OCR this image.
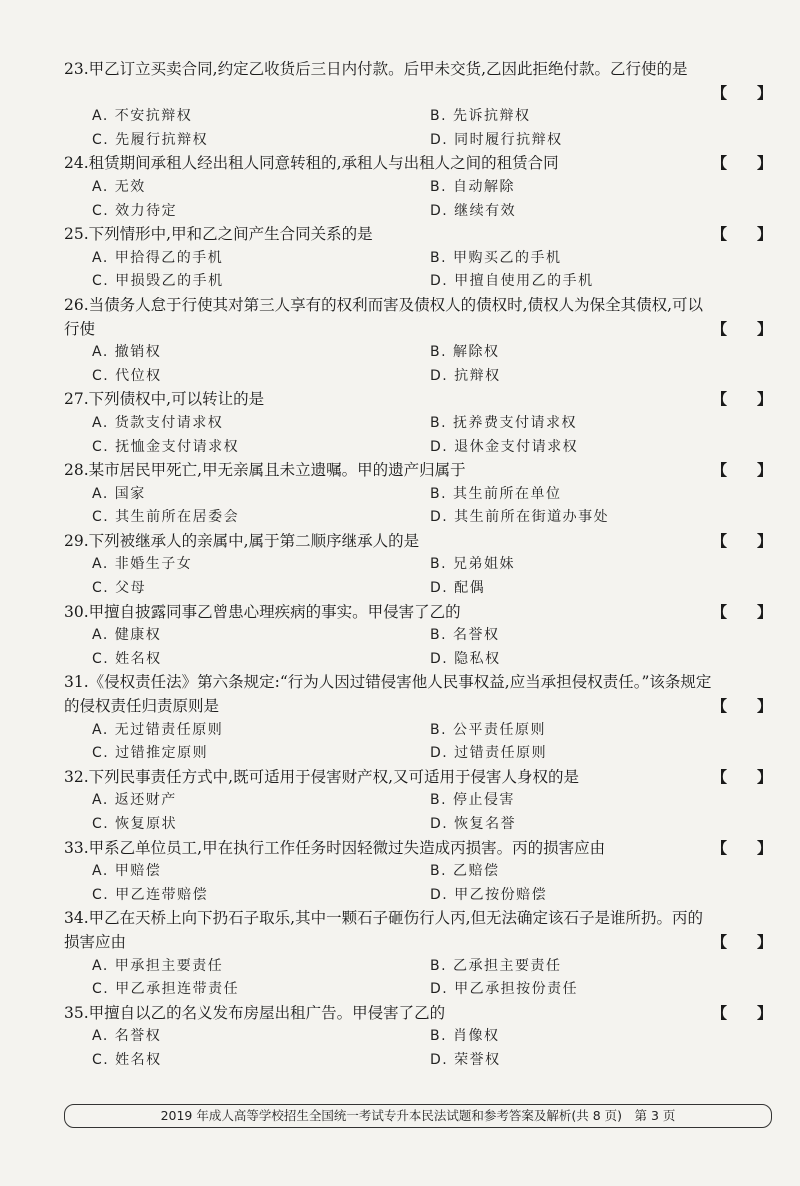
23.甲乙订立买卖合同,约定乙收货后三日内付款。后甲未交货,乙因此拒绝付款。乙行使的是

【　　】
A. 不安抗辩权	B. 先诉抗辩权
C. 先履行抗辩权	D. 同时履行抗辩权

24.租赁期间承租人经出租人同意转租的,承租人与出租人之间的租赁合同	【　　】
A. 无效	B. 自动解除
C. 效力待定	D. 继续有效

25.下列情形中,甲和乙之间产生合同关系的是	【　　】
A. 甲拾得乙的手机	B. 甲购买乙的手机
C. 甲损毁乙的手机	D. 甲擅自使用乙的手机

26.当债务人怠于行使其对第三人享有的权利而害及债权人的债权时,债权人为保全其债权,可以行使	【　　】
A. 撤销权	B. 解除权
C. 代位权	D. 抗辩权

27.下列债权中,可以转让的是	【　　】
A. 货款支付请求权	B. 抚养费支付请求权
C. 抚恤金支付请求权	D. 退休金支付请求权

28.某市居民甲死亡,甲无亲属且未立遗嘱。甲的遗产归属于	【　　】
A. 国家	B. 其生前所在单位
C. 其生前所在居委会	D. 其生前所在街道办事处

29.下列被继承人的亲属中,属于第二顺序继承人的是	【　　】
A. 非婚生子女	B. 兄弟姐妹
C. 父母	D. 配偶

30.甲擅自披露同事乙曾患心理疾病的事实。甲侵害了乙的	【　　】
A. 健康权	B. 名誉权
C. 姓名权	D. 隐私权

31.《侵权责任法》第六条规定:“行为人因过错侵害他人民事权益,应当承担侵权责任。”该条规定的侵权责任归责原则是	【　　】
A. 无过错责任原则	B. 公平责任原则
C. 过错推定原则	D. 过错责任原则

32.下列民事责任方式中,既可适用于侵害财产权,又可适用于侵害人身权的是	【　　】
A. 返还财产	B. 停止侵害
C. 恢复原状	D. 恢复名誉

33.甲系乙单位员工,甲在执行工作任务时因轻微过失造成丙损害。丙的损害应由	【　　】
A. 甲赔偿	B. 乙赔偿
C. 甲乙连带赔偿	D. 甲乙按份赔偿

34.甲乙在天桥上向下扔石子取乐,其中一颗石子砸伤行人丙,但无法确定该石子是谁所扔。丙的损害应由	【　　】
A. 甲承担主要责任	B. 乙承担主要责任
C. 甲乙承担连带责任	D. 甲乙承担按份责任

35.甲擅自以乙的名义发布房屋出租广告。甲侵害了乙的	【　　】
A. 名誉权	B. 肖像权
C. 姓名权	D. 荣誉权
2019 年成人高等学校招生全国统一考试专升本民法试题和参考答案及解析(共 8 页)　第 3 页
